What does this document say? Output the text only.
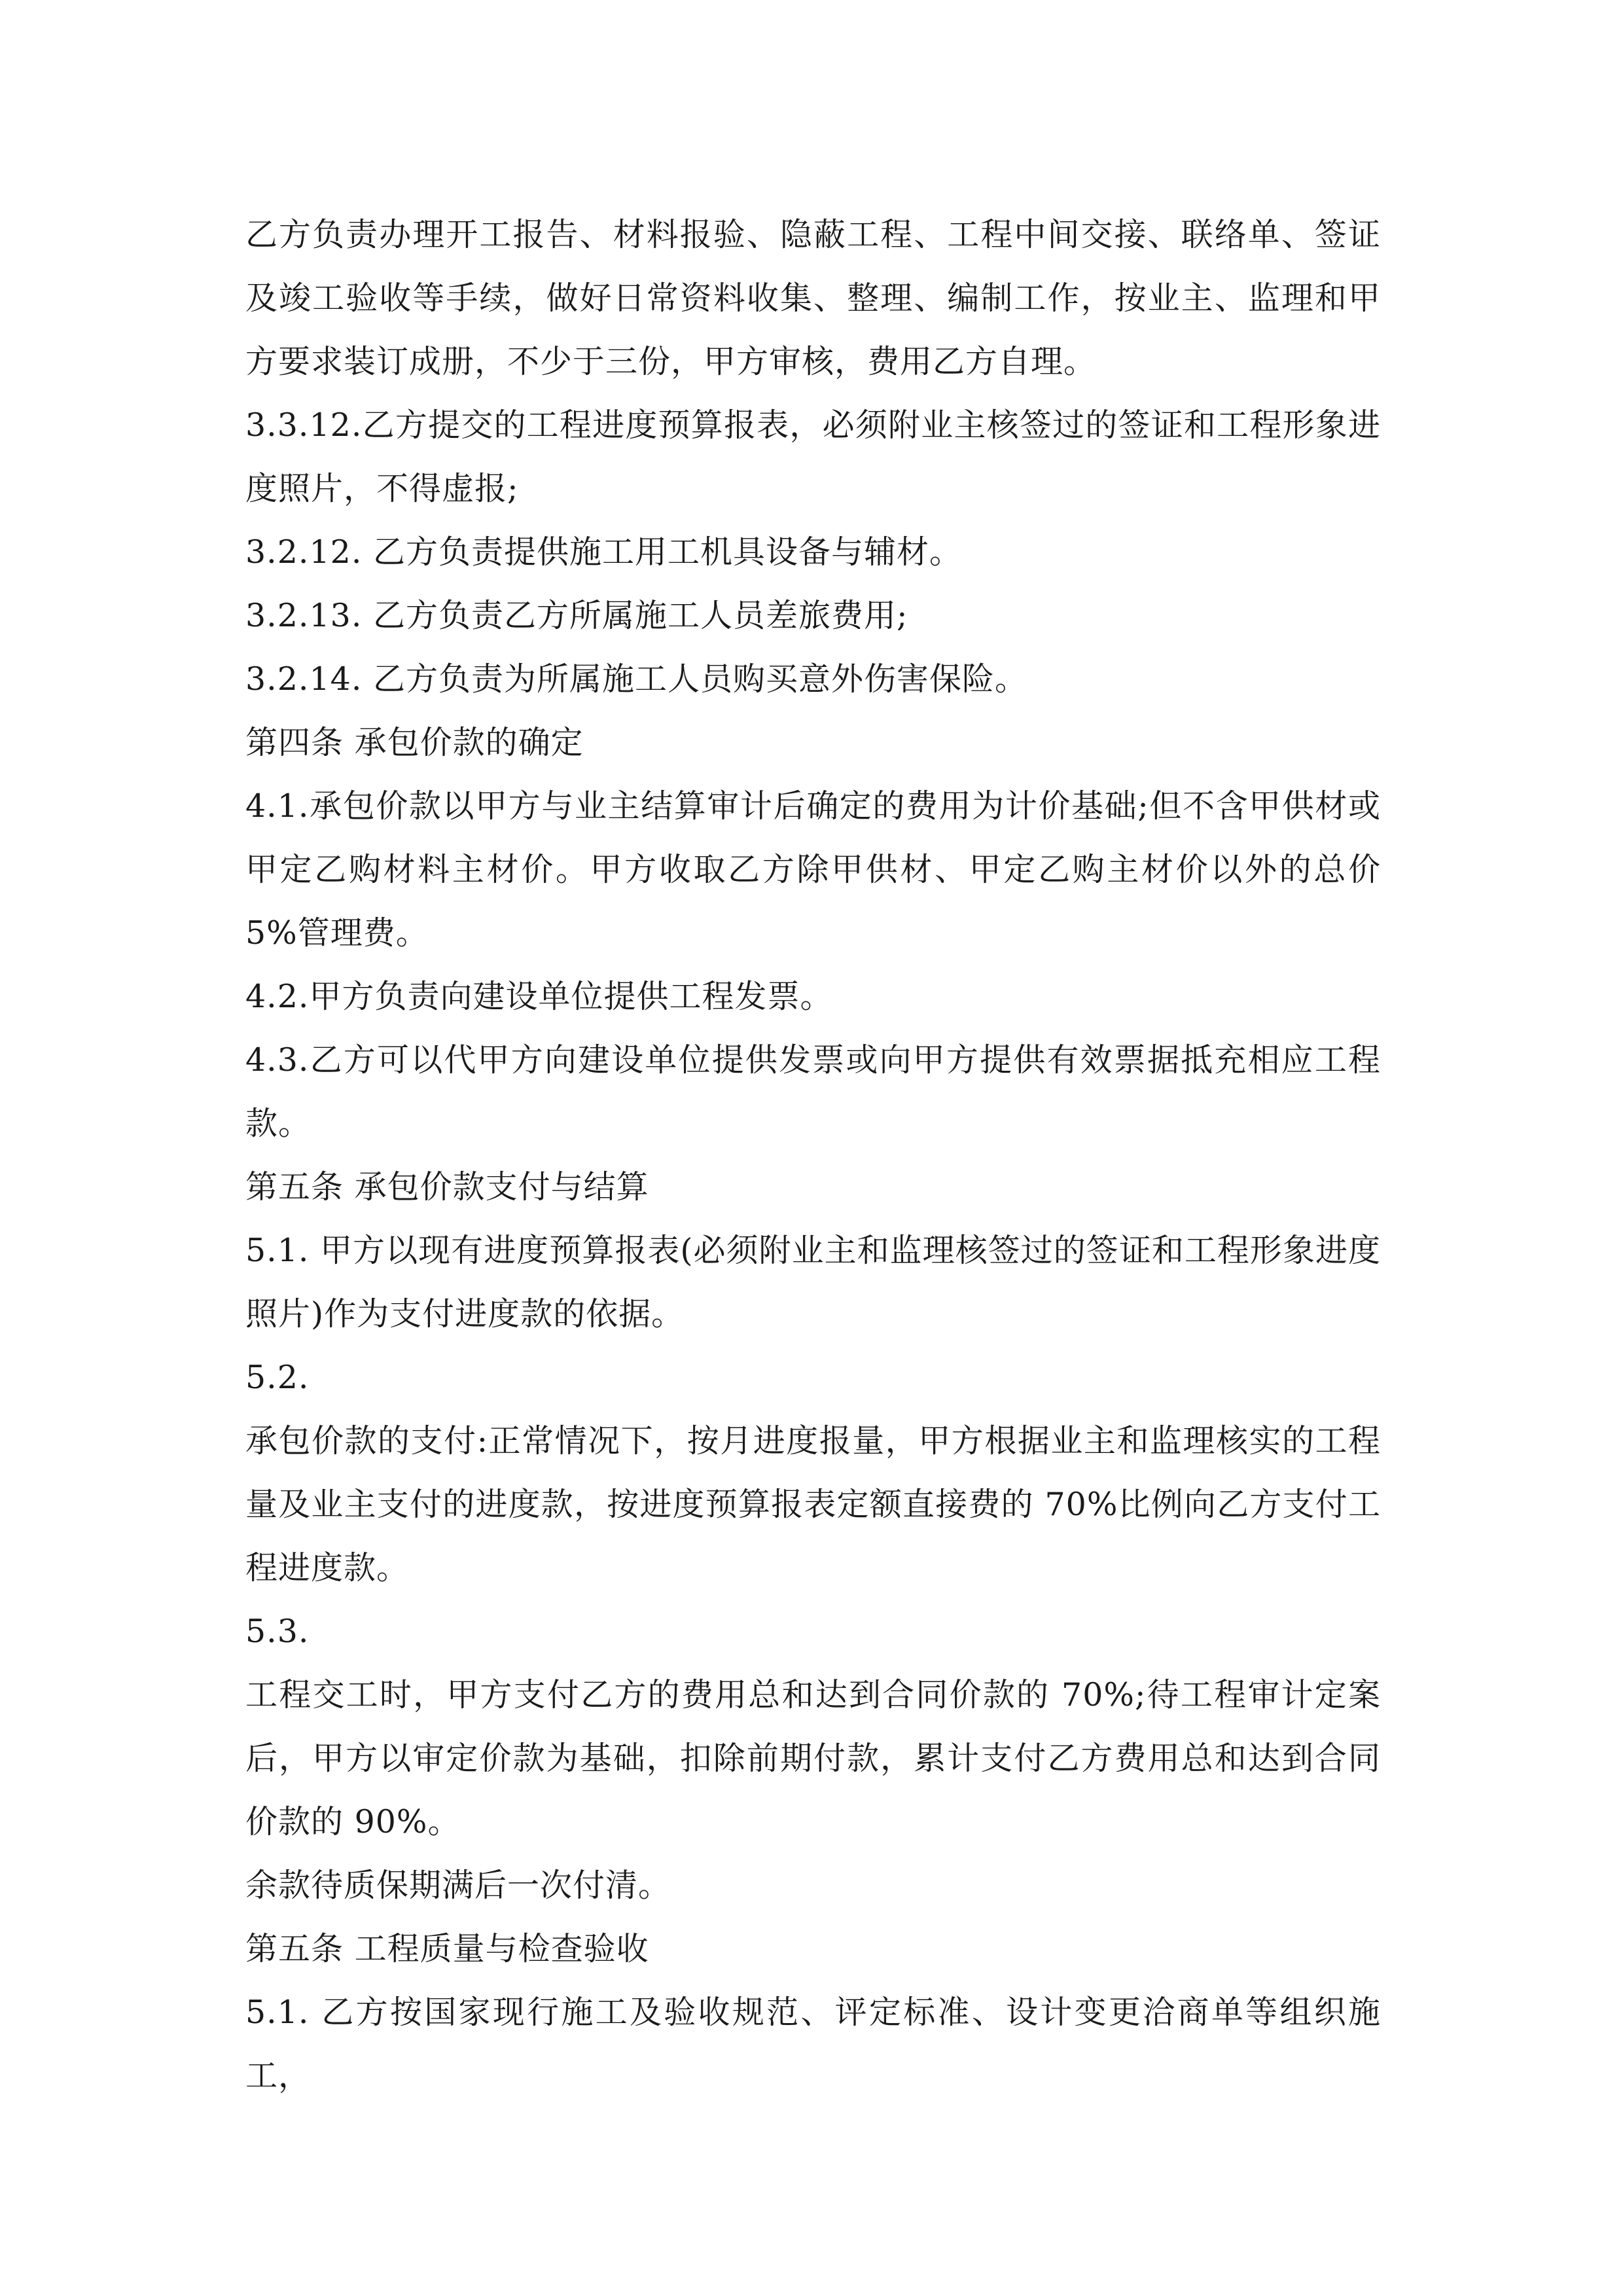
乙方负责办理开工报告、材料报验、隐蔽工程、工程中间交接、联络单、签证及竣工验收等手续，做好日常资料收集、整理、编制工作，按业主、监理和甲方要求装订成册，不少于三份，甲方审核，费用乙方自理。

3.3.12.乙方提交的工程进度预算报表，必须附业主核签过的签证和工程形象进度照片，不得虚报;

3.2.12. 乙方负责提供施工用工机具设备与辅材。

3.2.13. 乙方负责乙方所属施工人员差旅费用;

3.2.14. 乙方负责为所属施工人员购买意外伤害保险。

第四条 承包价款的确定

4.1.承包价款以甲方与业主结算审计后确定的费用为计价基础;但不含甲供材或甲定乙购材料主材价。甲方收取乙方除甲供材、甲定乙购主材价以外的总价 5%管理费。

4.2.甲方负责向建设单位提供工程发票。

4.3.乙方可以代甲方向建设单位提供发票或向甲方提供有效票据抵充相应工程款。

第五条 承包价款支付与结算

5.1. 甲方以现有进度预算报表(必须附业主和监理核签过的签证和工程形象进度照片)作为支付进度款的依据。

5.2.

承包价款的支付:正常情况下，按月进度报量，甲方根据业主和监理核实的工程量及业主支付的进度款，按进度预算报表定额直接费的 70%比例向乙方支付工程进度款。

5.3.

工程交工时，甲方支付乙方的费用总和达到合同价款的 70%;待工程审计定案后，甲方以审定价款为基础，扣除前期付款，累计支付乙方费用总和达到合同价款的 90%。

余款待质保期满后一次付清。

第五条 工程质量与检查验收

5.1. 乙方按国家现行施工及验收规范、评定标准、设计变更洽商单等组织施工，
